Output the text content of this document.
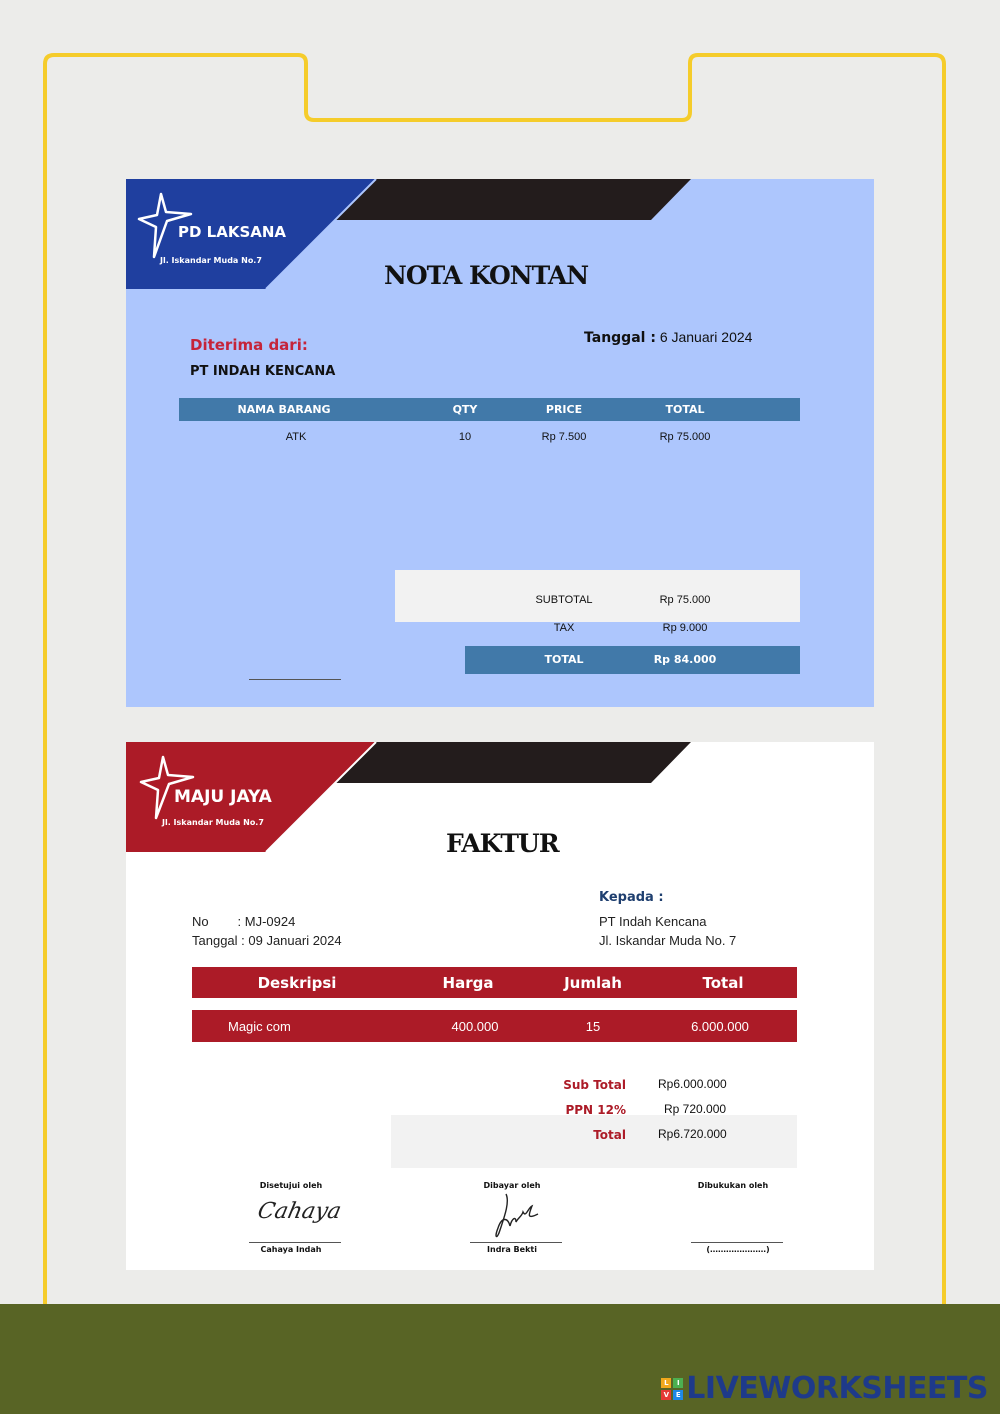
PD LAKSANA
Jl. Iskandar Muda No.7
NOTA KONTAN
Diterima dari:
PT INDAH KENCANA
Tanggal : 6 Januari 2024
NAMA BARANG	QTY	PRICE	TOTAL
ATK	10	Rp 7.500	Rp 75.000
SUBTOTAL	Rp 75.000
TAX	Rp 9.000
TOTAL	Rp 84.000
MAJU JAYA
Jl. Iskandar Muda No.7
FAKTUR
Kepada :
PT Indah Kencana
Jl. Iskandar Muda No. 7
No        : MJ-0924
Tanggal : 09 Januari 2024
Deskripsi	Harga	Jumlah	Total
Magic com	400.000	15	6.000.000
Sub Total	Rp6.000.000
PPN 12%	Rp 720.000
Total	Rp6.720.000
Disetujui oleh	Dibayar oleh	Dibukukan oleh
Cahaya
Cahaya Indah	Indra Bekti	(…………………)
L	I
V E LIVEWORKSHEETS
